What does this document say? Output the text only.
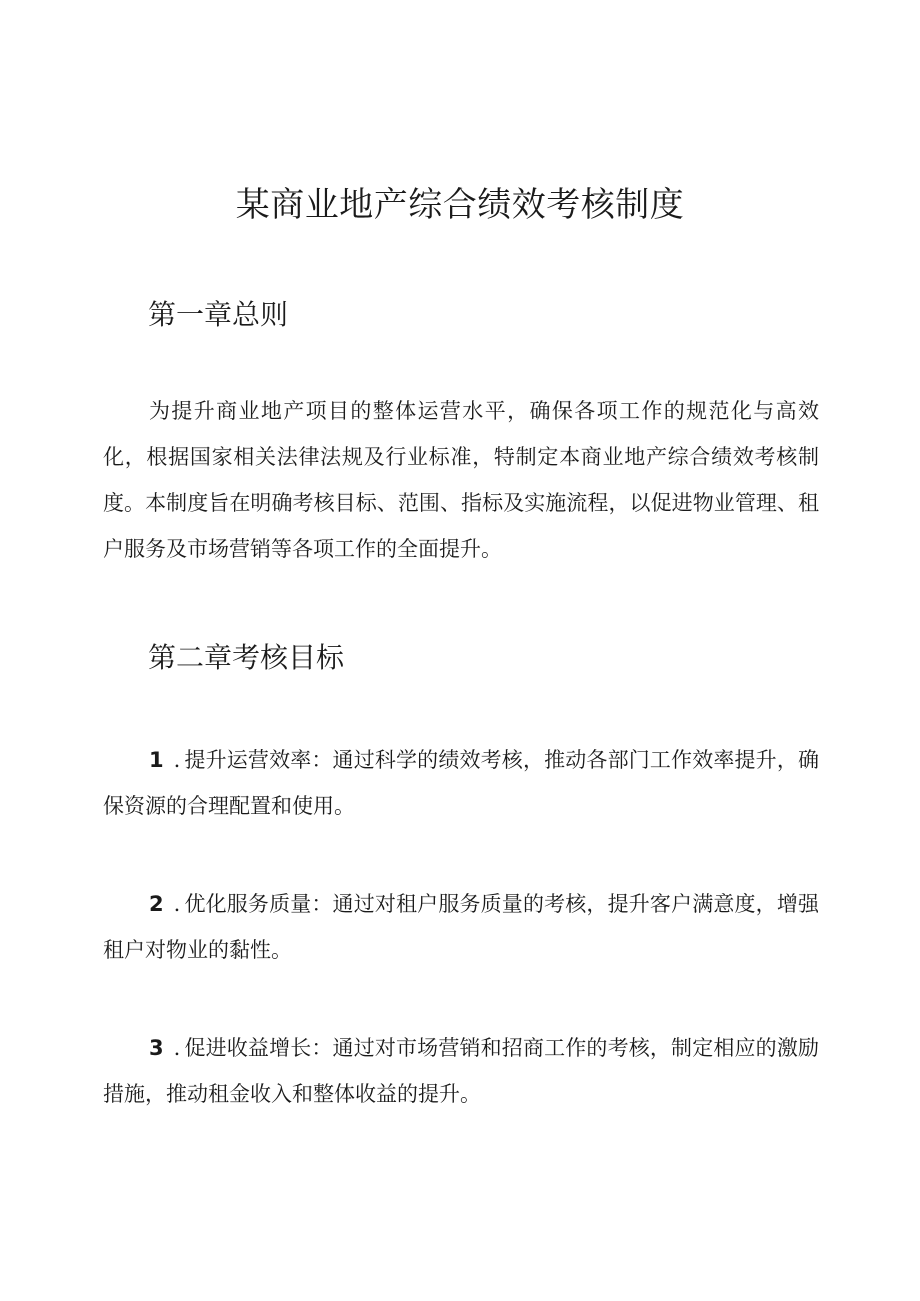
某商业地产综合绩效考核制度
第一章总则

为提升商业地产项目的整体运营水平，确保各项工作的规范化与高效化，根据国家相关法律法规及行业标准，特制定本商业地产综合绩效考核制度。本制度旨在明确考核目标、范围、指标及实施流程，以促进物业管理、租户服务及市场营销等各项工作的全面提升。

第二章考核目标

1 . 提升运营效率：通过科学的绩效考核，推动各部门工作效率提升，确保资源的合理配置和使用。

2 . 优化服务质量：通过对租户服务质量的考核，提升客户满意度，增强租户对物业的黏性。

3 . 促进收益增长：通过对市场营销和招商工作的考核，制定相应的激励措施，推动租金收入和整体收益的提升。
